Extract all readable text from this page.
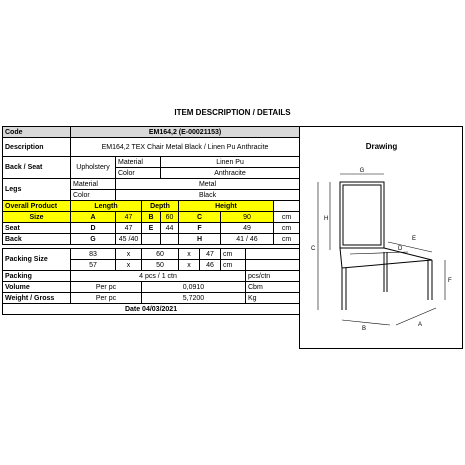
ITEM DESCRIPTION / DETAILS
Code	EM164,2 (E-00021153)								
Description	EM164,2 TEX Chair Metal Black / Linen Pu Anthracite								
Back / Seat	Upholstery	Material		Linen Pu					
		Color		Anthracite					
Legs	Material	Metal							
	Color	Black							
Overall Product	Length		Depth		Height				
Size	A	47	B	60	C		90		cm
Seat	D	47	E	44	F		49		cm
Back	G	45 /40			H		41 / 46		cm

Packing Size	83	x	60		x	47	cm		
	57	x	50		x	46	cm		
Packing	4 pcs / 1 ctn							pcs/ctn	
Volume	Per pc		0,0910					Cbm	
Weight / Gross	Per pc		5,7200					Kg	
Date 04/03/2021									
Drawing
G
H
C
E
D
F
B
A
